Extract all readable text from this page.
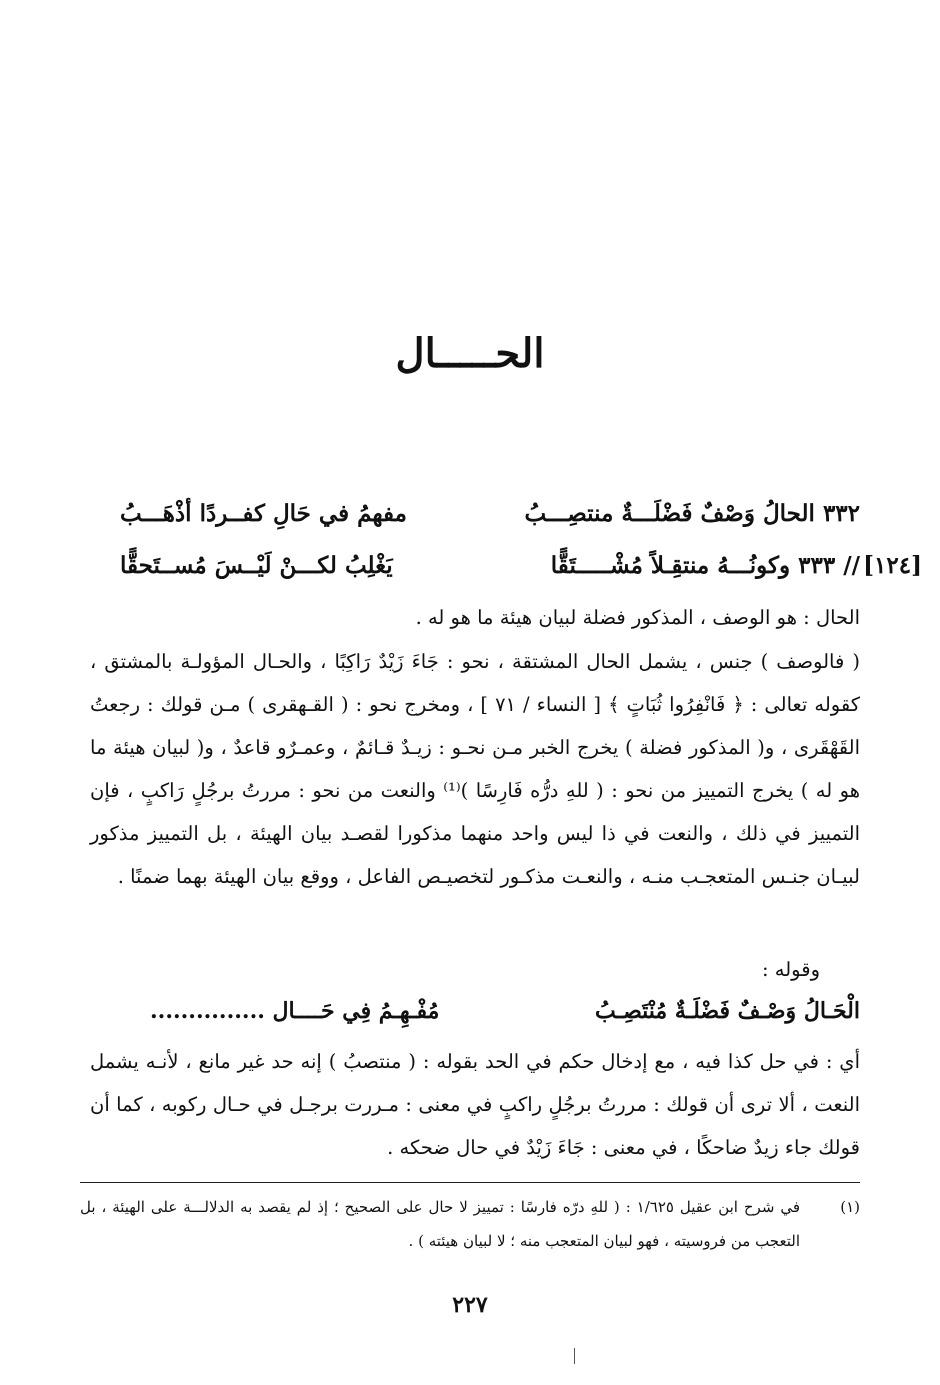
الحـــــال
٣٣٢ الحالُ وَصْفٌ فَضْلَـــةٌ منتصِـــبُ
مفهمُ في حَالِ كفــردًا أذْهَـــبُ
[١٢٤]
// ٣٣٣ وكونُـــهُ منتقِـلاً مُشْـــــتَقًّا
يَغْلِبُ لكـــنْ لَيْــسَ مُســتَحقًّا
الحال : هو الوصف ، المذكور فضلة لبيان هيئة ما هو له .
( فالوصف ) جنس ، يشمل الحال المشتقة ، نحو : جَاءَ زَيْدٌ رَاكِبًا ، والحـال المؤولـة بالمشتق ، كقوله تعالى : ﴿ فَانْفِرُوا ثُبَاتٍ ﴾ [ النساء / ٧١ ] ، ومخرج نحو : ( القـهقرى ) مـن قولك : رجعتُ القَهْقَرى ، و( المذكور فضلة ) يخرج الخبر مـن نحـو : زيـدٌ قـائمٌ ، وعمـرٌو قاعدٌ ، و( لبيان هيئة ما هو له ) يخرج التمييز من نحو : ( للهِ درُّه فَارِسًا )⁽¹⁾ والنعت من نحو : مررتُ برجُلٍ رَاكبٍ ، فإن التمييز في ذلك ، والنعت في ذا ليس واحد منهما مذكورا لقصـد بيان الهيئة ، بل التمييز مذكور لبيـان جنـس المتعجـب منـه ، والنعـت مذكـور لتخصيـص الفاعل ، ووقع بيان الهيئة بهما ضمنًا .
وقوله :
الْحَـالُ وَصْـفٌ فَضْلَـةٌ مُنْتَصِـبُ
مُفْـهِـمُ فِي حَــــال ...............
أي : في حل كذا فيه ، مع إدخال حكم في الحد بقوله : ( منتصبُ ) إنه حد غير مانع ، لأنـه يشمل النعت ، ألا ترى أن قولك : مررتُ برجُلٍ راكبٍ في معنى : مـررت برجـل في حـال ركوبه ، كما أن قولك جاء زيدٌ ضاحكًا ، في معنى : جَاءَ زَيْدٌ في حال ضحكه .
(١)
في شرح ابن عقيل ١/٦٢٥ : ( للهِ درّه فارسًا : تمييز لا حال على الصحيح ؛ إذ لم يقصد به الدلالـــة على الهيئة ، بل التعجب من فروسيته ، فهو لبيان المتعجب منه ؛ لا لبيان هيئته ) .
٢٢٧
